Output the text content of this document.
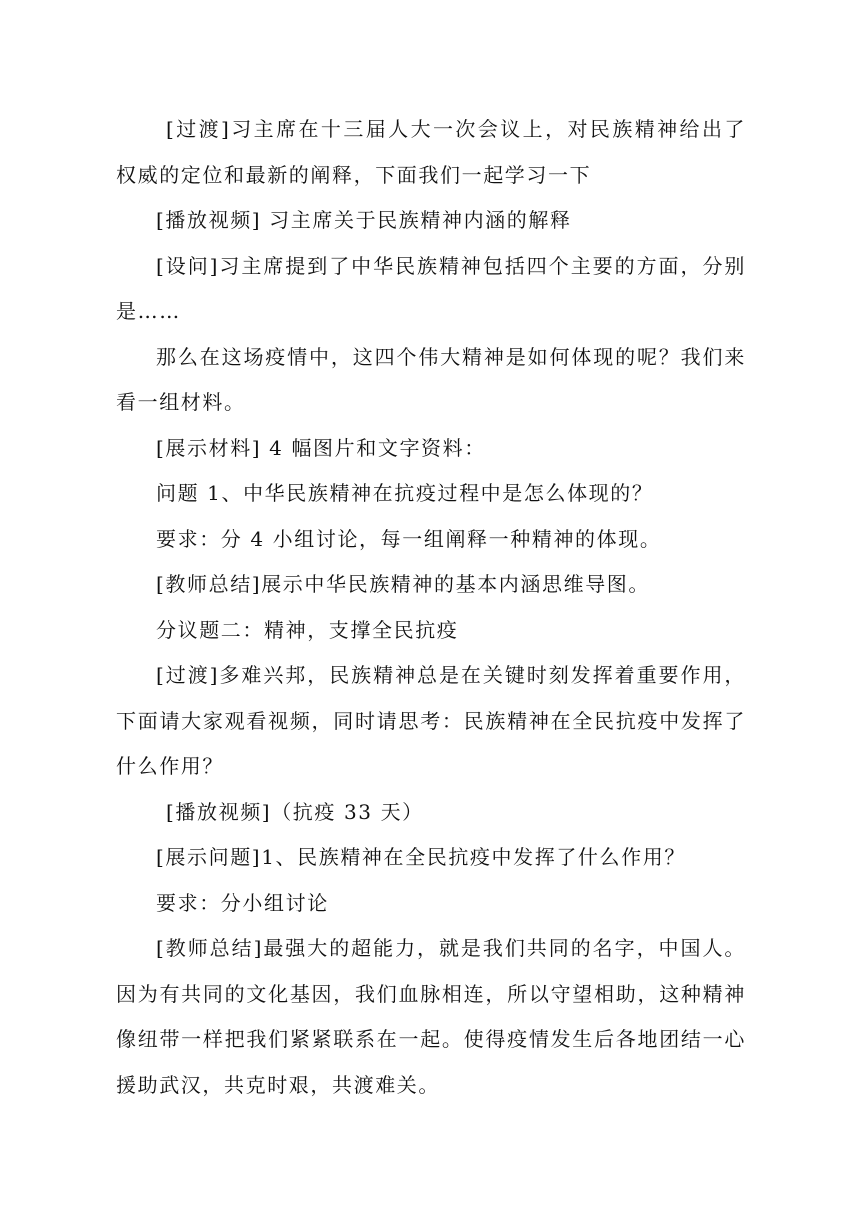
[过渡]习主席在十三届人大一次会议上，对民族精神给出了权威的定位和最新的阐释，下面我们一起学习一下

[播放视频] 习主席关于民族精神内涵的解释

[设问]习主席提到了中华民族精神包括四个主要的方面，分别是……

那么在这场疫情中，这四个伟大精神是如何体现的呢？我们来看一组材料。

[展示材料] 4 幅图片和文字资料：

问题 1、中华民族精神在抗疫过程中是怎么体现的？

要求：分 4 小组讨论，每一组阐释一种精神的体现。

[教师总结]展示中华民族精神的基本内涵思维导图。

分议题二：精神，支撑全民抗疫

[过渡]多难兴邦，民族精神总是在关键时刻发挥着重要作用，下面请大家观看视频，同时请思考：民族精神在全民抗疫中发挥了什么作用？

[播放视频]（抗疫 33 天）

[展示问题]1、民族精神在全民抗疫中发挥了什么作用？

要求：分小组讨论

[教师总结]最强大的超能力，就是我们共同的名字，中国人。因为有共同的文化基因，我们血脉相连，所以守望相助，这种精神像纽带一样把我们紧紧联系在一起。使得疫情发生后各地团结一心援助武汉，共克时艰，共渡难关。
